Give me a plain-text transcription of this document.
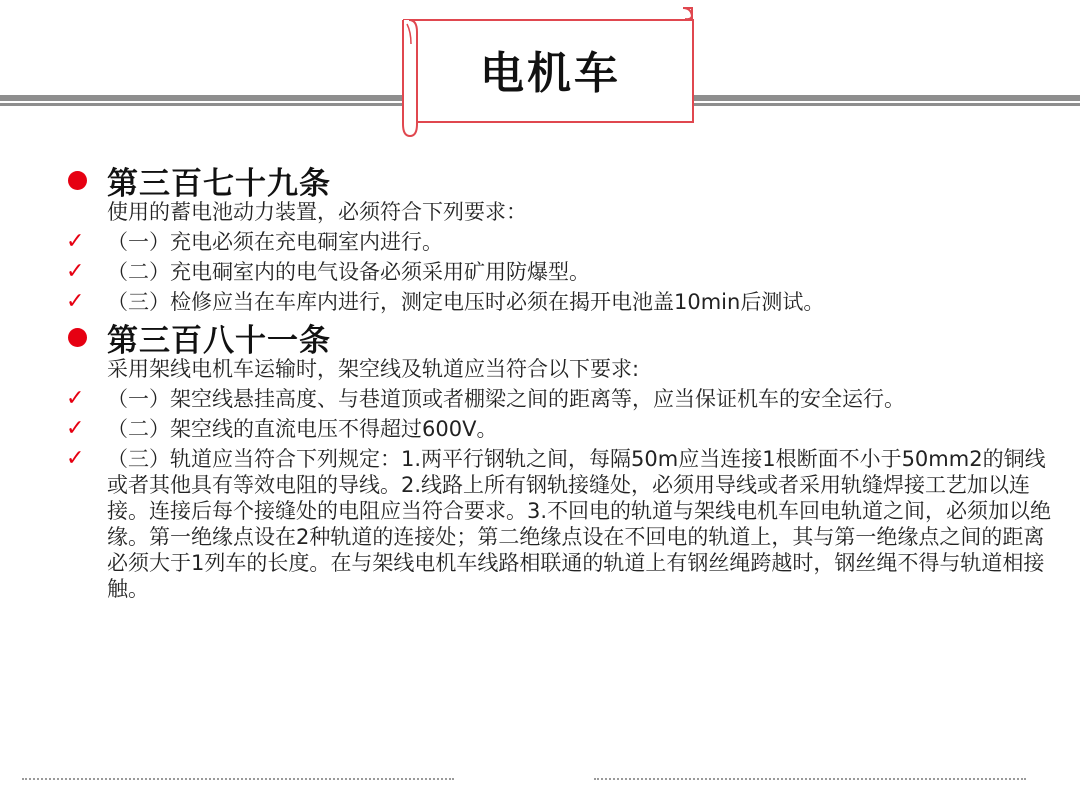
电机车
第三百七十九条
使用的蓄电池动力装置，必须符合下列要求：
✓ （一）充电必须在充电硐室内进行。
✓ （二）充电硐室内的电气设备必须采用矿用防爆型。
✓ （三）检修应当在车库内进行，测定电压时必须在揭开电池盖10min后测试。
第三百八十一条
采用架线电机车运输时，架空线及轨道应当符合以下要求:
✓ （一）架空线悬挂高度、与巷道顶或者棚梁之间的距离等，应当保证机车的安全运行。
✓ （二）架空线的直流电压不得超过600V。
✓ （三）轨道应当符合下列规定：1.两平行钢轨之间，每隔50m应当连接1根断面不小于50mm2的铜线或者其他具有等效电阻的导线。2.线路上所有钢轨接缝处，必须用导线或者采用轨缝焊接工艺加以连接。连接后每个接缝处的电阻应当符合要求。3.不回电的轨道与架线电机车回电轨道之间，必须加以绝缘。第一绝缘点设在2种轨道的连接处；第二绝缘点设在不回电的轨道上，其与第一绝缘点之间的距离必须大于1列车的长度。在与架线电机车线路相联通的轨道上有钢丝绳跨越时，钢丝绳不得与轨道相接触。
